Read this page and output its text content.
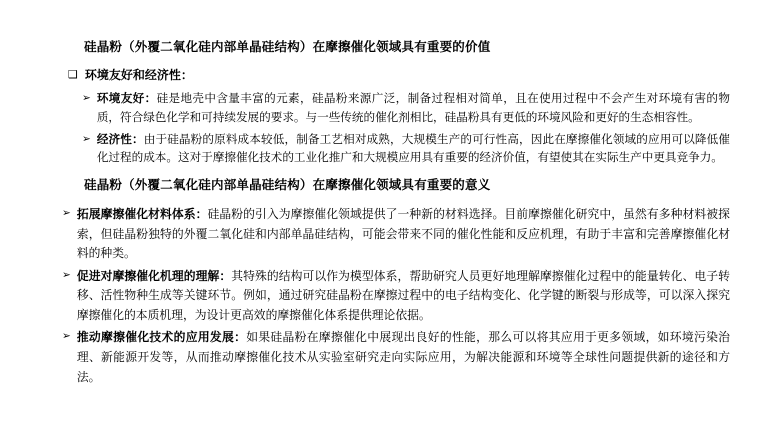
硅晶粉（外覆二氧化硅内部单晶硅结构）在摩擦催化领域具有重要的价值
❑ 环境友好和经济性：
➢ 环境友好：硅是地壳中含量丰富的元素，硅晶粉来源广泛，制备过程相对简单，且在使用过程中不会产生对环境有害的物质，符合绿色化学和可持续发展的要求。与一些传统的催化剂相比，硅晶粉具有更低的环境风险和更好的生态相容性。
➢ 经济性：由于硅晶粉的原料成本较低，制备工艺相对成熟，大规模生产的可行性高，因此在摩擦催化领域的应用可以降低催化过程的成本。这对于摩擦催化技术的工业化推广和大规模应用具有重要的经济价值，有望使其在实际生产中更具竞争力。
硅晶粉（外覆二氧化硅内部单晶硅结构）在摩擦催化领域具有重要的意义
➢ 拓展摩擦催化材料体系：硅晶粉的引入为摩擦催化领域提供了一种新的材料选择。目前摩擦催化研究中，虽然有多种材料被探索，但硅晶粉独特的外覆二氧化硅和内部单晶硅结构，可能会带来不同的催化性能和反应机理，有助于丰富和完善摩擦催化材料的种类。
➢ 促进对摩擦催化机理的理解：其特殊的结构可以作为模型体系，帮助研究人员更好地理解摩擦催化过程中的能量转化、电子转移、活性物种生成等关键环节。例如，通过研究硅晶粉在摩擦过程中的电子结构变化、化学键的断裂与形成等，可以深入探究摩擦催化的本质机理，为设计更高效的摩擦催化体系提供理论依据。
➢ 推动摩擦催化技术的应用发展：如果硅晶粉在摩擦催化中展现出良好的性能，那么可以将其应用于更多领域，如环境污染治理、新能源开发等，从而推动摩擦催化技术从实验室研究走向实际应用，为解决能源和环境等全球性问题提供新的途径和方法。
